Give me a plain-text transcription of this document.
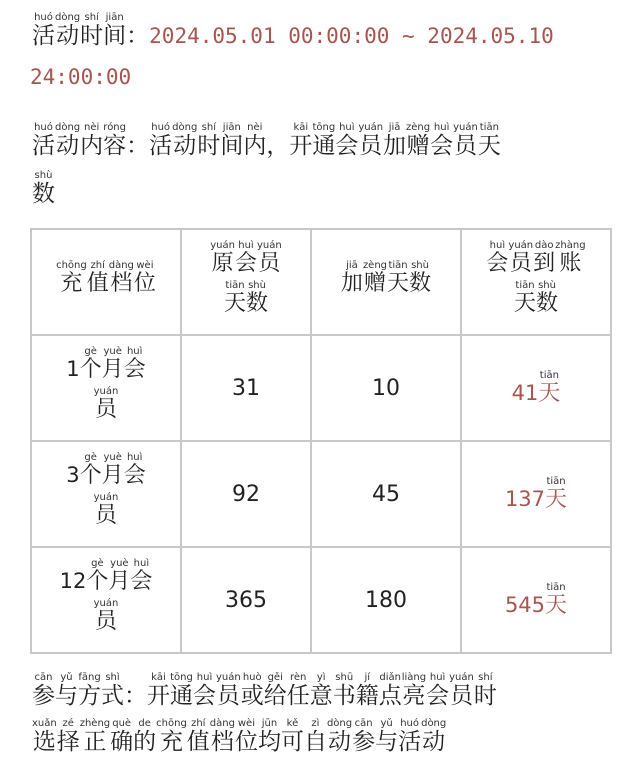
活huó动dòng时shí间jiān：2024.05.01 00:00:00 ~ 2024.05.10
24:00:00
活huó动dòng内nèi容róng： 活huó动dòng时shí间jiān内nèi， 开kāi通tōng会huì员yuán加jiā赠zèng会huì员yuán天tiān
数shù
充chōng值zhí档dàng位wèi	原yuán会huì员yuán天tiān数shù	加jiā赠zèng天tiān数shù	会huì员yuán到dào账zhàng天tiān数shù
1个gè月yuè会huì员yuán	31	10	41天tiān
3个gè月yuè会huì员yuán	92	45	137天tiān
12个gè月yuè会huì员yuán	365	180	545天tiān
参cān与yǔ方fāng式shì： 开kāi通tōng会huì员yuán或huò给gěi任rèn意yì书shū籍jí点diǎn亮liàng会huì员yuán时shí
选xuǎn择zé正zhèng确què的de充chōng值zhí档dàng位wèi均jūn可kě自zì动dòng参cān与yǔ活huó动dòng
